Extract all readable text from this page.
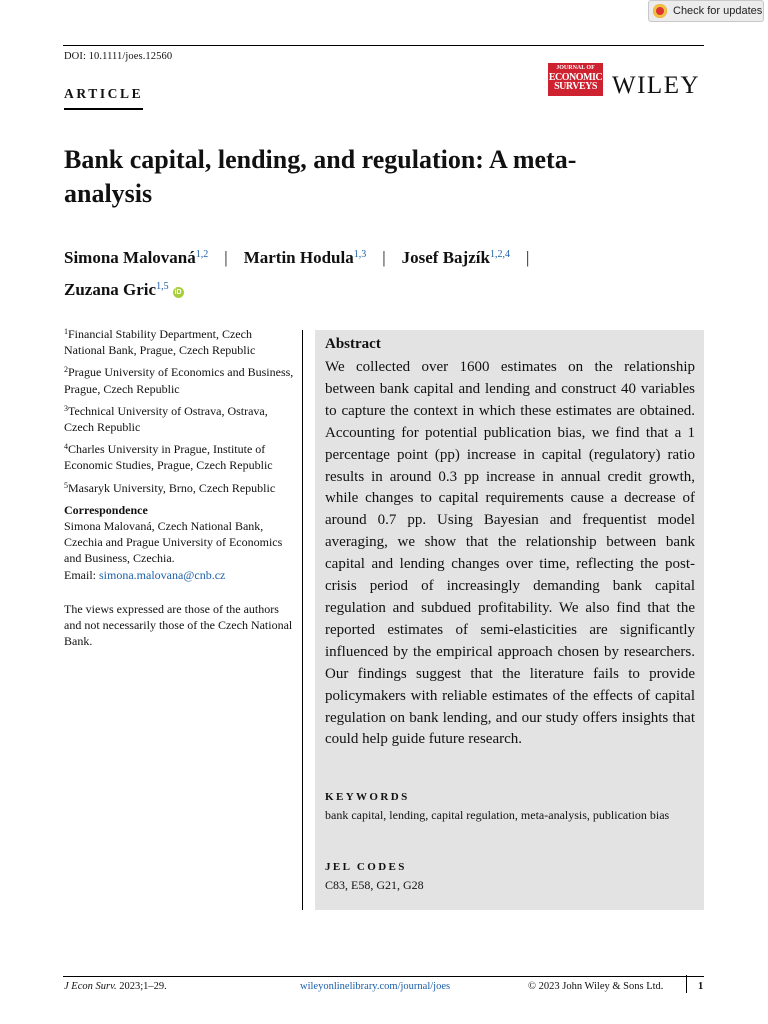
Check for updates
DOI: 10.1111/joes.12560
ARTICLE
JOURNAL OF
ECONOMIC
SURVEYS WILEY
Bank capital, lending, and regulation: A meta-analysis
Simona Malovaná$^{1,2}$ | Martin Hodula$^{1,3}$ | Josef Bajzík$^{1,2,4}$ |
Zuzana Gric$^{1,5}$iD

$^1$Financial Stability Department, Czech National Bank, Prague, Czech Republic

$^2$Prague University of Economics and Business, Prague, Czech Republic

$^3$Technical University of Ostrava, Ostrava, Czech Republic

$^4$Charles University in Prague, Institute of Economic Studies, Prague, Czech Republic

$^5$Masaryk University, Brno, Czech Republic

Correspondence

Simona Malovaná, Czech National Bank, Czechia and Prague University of Economics and Business, Czechia.
Email: simona.malovana@cnb.cz

The views expressed are those of the authors and not necessarily those of the Czech National Bank.

Abstract
We collected over 1600 estimates on the relationship between bank capital and lending and construct 40 variables to capture the context in which these estimates are obtained. Accounting for potential publication bias, we find that a 1 percentage point (pp) increase in capital (regulatory) ratio results in around 0.3 pp increase in annual credit growth, while changes to capital requirements cause a decrease of around 0.7 pp. Using Bayesian and frequentist model averaging, we show that the relationship between bank capital and lending changes over time, reflecting the post-crisis period of increasingly demanding bank capital regulation and subdued profitability. We also find that the reported estimates of semi-elasticities are significantly influenced by the empirical approach chosen by researchers. Our findings suggest that the literature fails to provide policymakers with reliable estimates of the effects of capital regulation on bank lending, and our study offers insights that could help guide future research.
KEYWORDS
bank capital, lending, capital regulation, meta-analysis, publication bias
JEL CODES
C83, E58, G21, G28
J Econ Surv. 2023;1–29.	wileyonlinelibrary.com/journal/joes	© 2023 John Wiley & Sons Ltd.	1
